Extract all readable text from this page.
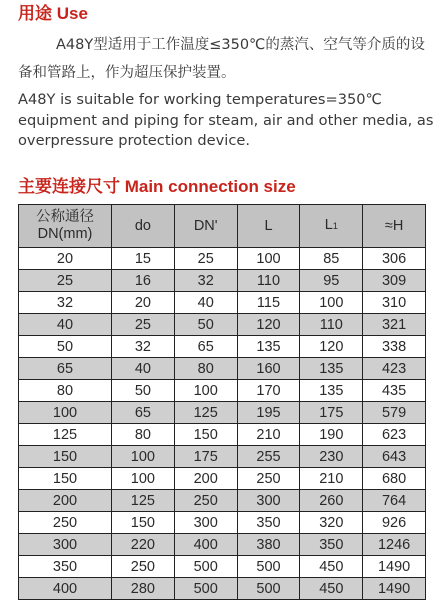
用途 Use

A48Y型适用于工作温度≤350℃的蒸汽、空气等介质的设备和管路上，作为超压保护装置。

A48Y is suitable for working temperatures=350℃ equipment and piping for steam, air and other media, as overpressure protection device.

主要连接尺寸 Main connection size
公称通径
DN(mm)	do	DN'	L	L1	≈H
20	15	25	100	85	306
25	16	32	110	95	309
32	20	40	115	100	310
40	25	50	120	110	321
50	32	65	135	120	338
65	40	80	160	135	423
80	50	100	170	135	435
100	65	125	195	175	579
125	80	150	210	190	623
150	100	175	255	230	643
150	100	200	250	210	680
200	125	250	300	260	764
250	150	300	350	320	926
300	220	400	380	350	1246
350	250	500	500	450	1490
400	280	500	500	450	1490
